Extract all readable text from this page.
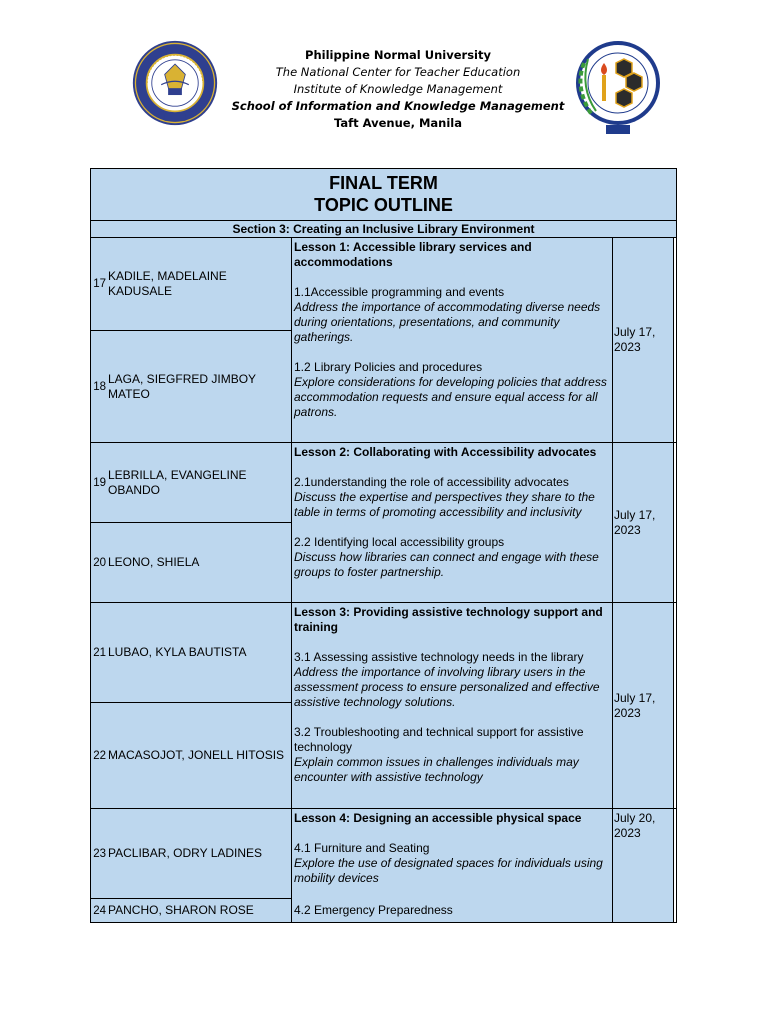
Philippine Normal University
The National Center for Teacher Education
Institute of Knowledge Management
School of Information and Knowledge Management
Taft Avenue, Manila
FINAL TERM
TOPIC OUTLINE
Section 3: Creating an Inclusive Library Environment
17
KADILE, MADELAINE KADUSALE
18
LAGA, SIEGFRED JIMBOY MATEO
Lesson 1: Accessible library services and accommodations
1.1Accessible programming and events
Address the importance of accommodating diverse needs during orientations, presentations, and community gatherings.
1.2 Library Policies and procedures
Explore considerations for developing policies that address accommodation requests and ensure equal access for all patrons.
July 17, 2023
19
LEBRILLA, EVANGELINE OBANDO
20 LEONO, SHIELA
Lesson 2: Collaborating with Accessibility advocates
2.1understanding the role of accessibility advocates
Discuss the expertise and perspectives they share to the table in terms of promoting accessibility and inclusivity
2.2 Identifying local accessibility groups
Discuss how libraries can connect and engage with these groups to foster partnership.
July 17, 2023
21 LUBAO, KYLA BAUTISTA
22 MACASOJOT, JONELL HITOSIS
Lesson 3: Providing assistive technology support and training
3.1 Assessing assistive technology needs in the library
Address the importance of involving library users in the assessment process to ensure personalized and effective assistive technology solutions.
3.2 Troubleshooting and technical support for assistive technology
Explain common issues in challenges individuals may encounter with assistive technology
July 17, 2023
23 PACLIBAR, ODRY LADINES
24 PANCHO, SHARON ROSE
Lesson 4: Designing an accessible physical space
4.1 Furniture and Seating
Explore the use of designated spaces for individuals using mobility devices
4.2 Emergency Preparedness
July 20, 2023
